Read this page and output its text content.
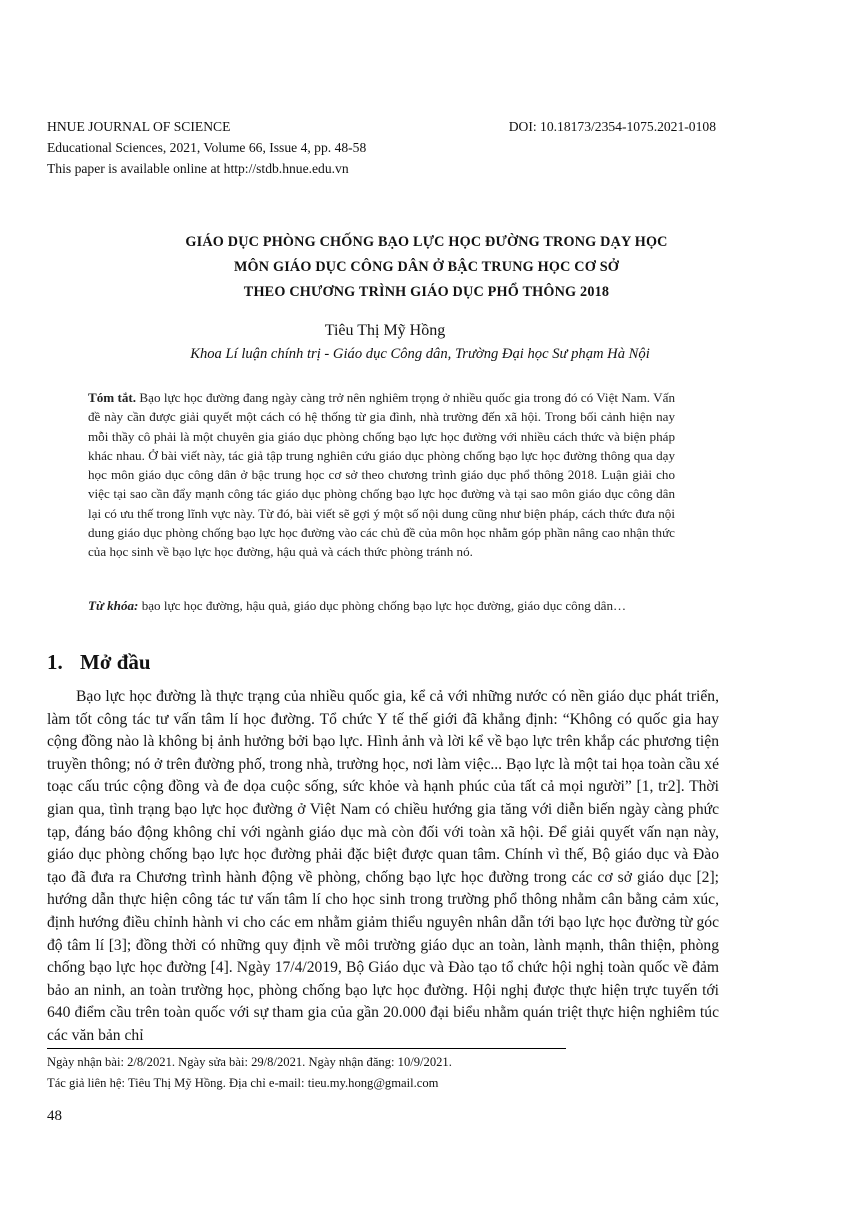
HNUE JOURNAL OF SCIENCE	DOI: 10.18173/2354-1075.2021-0108
Educational Sciences, 2021, Volume 66, Issue 4, pp. 48-58
This paper is available online at http://stdb.hnue.edu.vn
GIÁO DỤC PHÒNG CHỐNG BẠO LỰC HỌC ĐƯỜNG TRONG DẠY HỌC
MÔN GIÁO DỤC CÔNG DÂN Ở BẬC TRUNG HỌC CƠ SỞ
THEO CHƯƠNG TRÌNH GIÁO DỤC PHỔ THÔNG 2018
Tiêu Thị Mỹ Hồng
Khoa Lí luận chính trị - Giáo dục Công dân, Trường Đại học Sư phạm Hà Nội
Tóm tắt. Bạo lực học đường đang ngày càng trở nên nghiêm trọng ở nhiều quốc gia trong đó có Việt Nam. Vấn đề này cần được giải quyết một cách có hệ thống từ gia đình, nhà trường đến xã hội. Trong bối cảnh hiện nay mỗi thầy cô phải là một chuyên gia giáo dục phòng chống bạo lực học đường với nhiều cách thức và biện pháp khác nhau. Ở bài viết này, tác giả tập trung nghiên cứu giáo dục phòng chống bạo lực học đường thông qua dạy học môn giáo dục công dân ở bậc trung học cơ sở theo chương trình giáo dục phổ thông 2018. Luận giải cho việc tại sao cần đẩy mạnh công tác giáo dục phòng chống bạo lực học đường và tại sao môn giáo dục công dân lại có ưu thế trong lĩnh vực này. Từ đó, bài viết sẽ gợi ý một số nội dung cũng như biện pháp, cách thức đưa nội dung giáo dục phòng chống bạo lực học đường vào các chủ đề của môn học nhằm góp phần nâng cao nhận thức của học sinh về bạo lực học đường, hậu quả và cách thức phòng tránh nó.
Từ khóa: bạo lực học đường, hậu quả, giáo dục phòng chống bạo lực học đường, giáo dục công dân…
1. Mở đầu
Bạo lực học đường là thực trạng của nhiều quốc gia, kể cả với những nước có nền giáo dục phát triển, làm tốt công tác tư vấn tâm lí học đường. Tổ chức Y tế thế giới đã khẳng định: “Không có quốc gia hay cộng đồng nào là không bị ảnh hưởng bởi bạo lực. Hình ảnh và lời kể về bạo lực trên khắp các phương tiện truyền thông; nó ở trên đường phố, trong nhà, trường học, nơi làm việc... Bạo lực là một tai họa toàn cầu xé toạc cấu trúc cộng đồng và đe dọa cuộc sống, sức khỏe và hạnh phúc của tất cả mọi người” [1, tr2]. Thời gian qua, tình trạng bạo lực học đường ở Việt Nam có chiều hướng gia tăng với diễn biến ngày càng phức tạp, đáng báo động không chỉ với ngành giáo dục mà còn đối với toàn xã hội. Để giải quyết vấn nạn này, giáo dục phòng chống bạo lực học đường phải đặc biệt được quan tâm. Chính vì thế, Bộ giáo dục và Đào tạo đã đưa ra Chương trình hành động về phòng, chống bạo lực học đường trong các cơ sở giáo dục [2]; hướng dẫn thực hiện công tác tư vấn tâm lí cho học sinh trong trường phổ thông nhằm cân bằng cảm xúc, định hướng điều chỉnh hành vi cho các em nhằm giảm thiểu nguyên nhân dẫn tới bạo lực học đường từ góc độ tâm lí [3]; đồng thời có những quy định về môi trường giáo dục an toàn, lành mạnh, thân thiện, phòng chống bạo lực học đường [4]. Ngày 17/4/2019, Bộ Giáo dục và Đào tạo tổ chức hội nghị toàn quốc về đảm bảo an ninh, an toàn trường học, phòng chống bạo lực học đường. Hội nghị được thực hiện trực tuyến tới 640 điểm cầu trên toàn quốc với sự tham gia của gần 20.000 đại biểu nhằm quán triệt thực hiện nghiêm túc các văn bản chỉ
Ngày nhận bài: 2/8/2021. Ngày sửa bài: 29/8/2021. Ngày nhận đăng: 10/9/2021.
Tác giả liên hệ: Tiêu Thị Mỹ Hồng. Địa chỉ e-mail: tieu.my.hong@gmail.com
48
